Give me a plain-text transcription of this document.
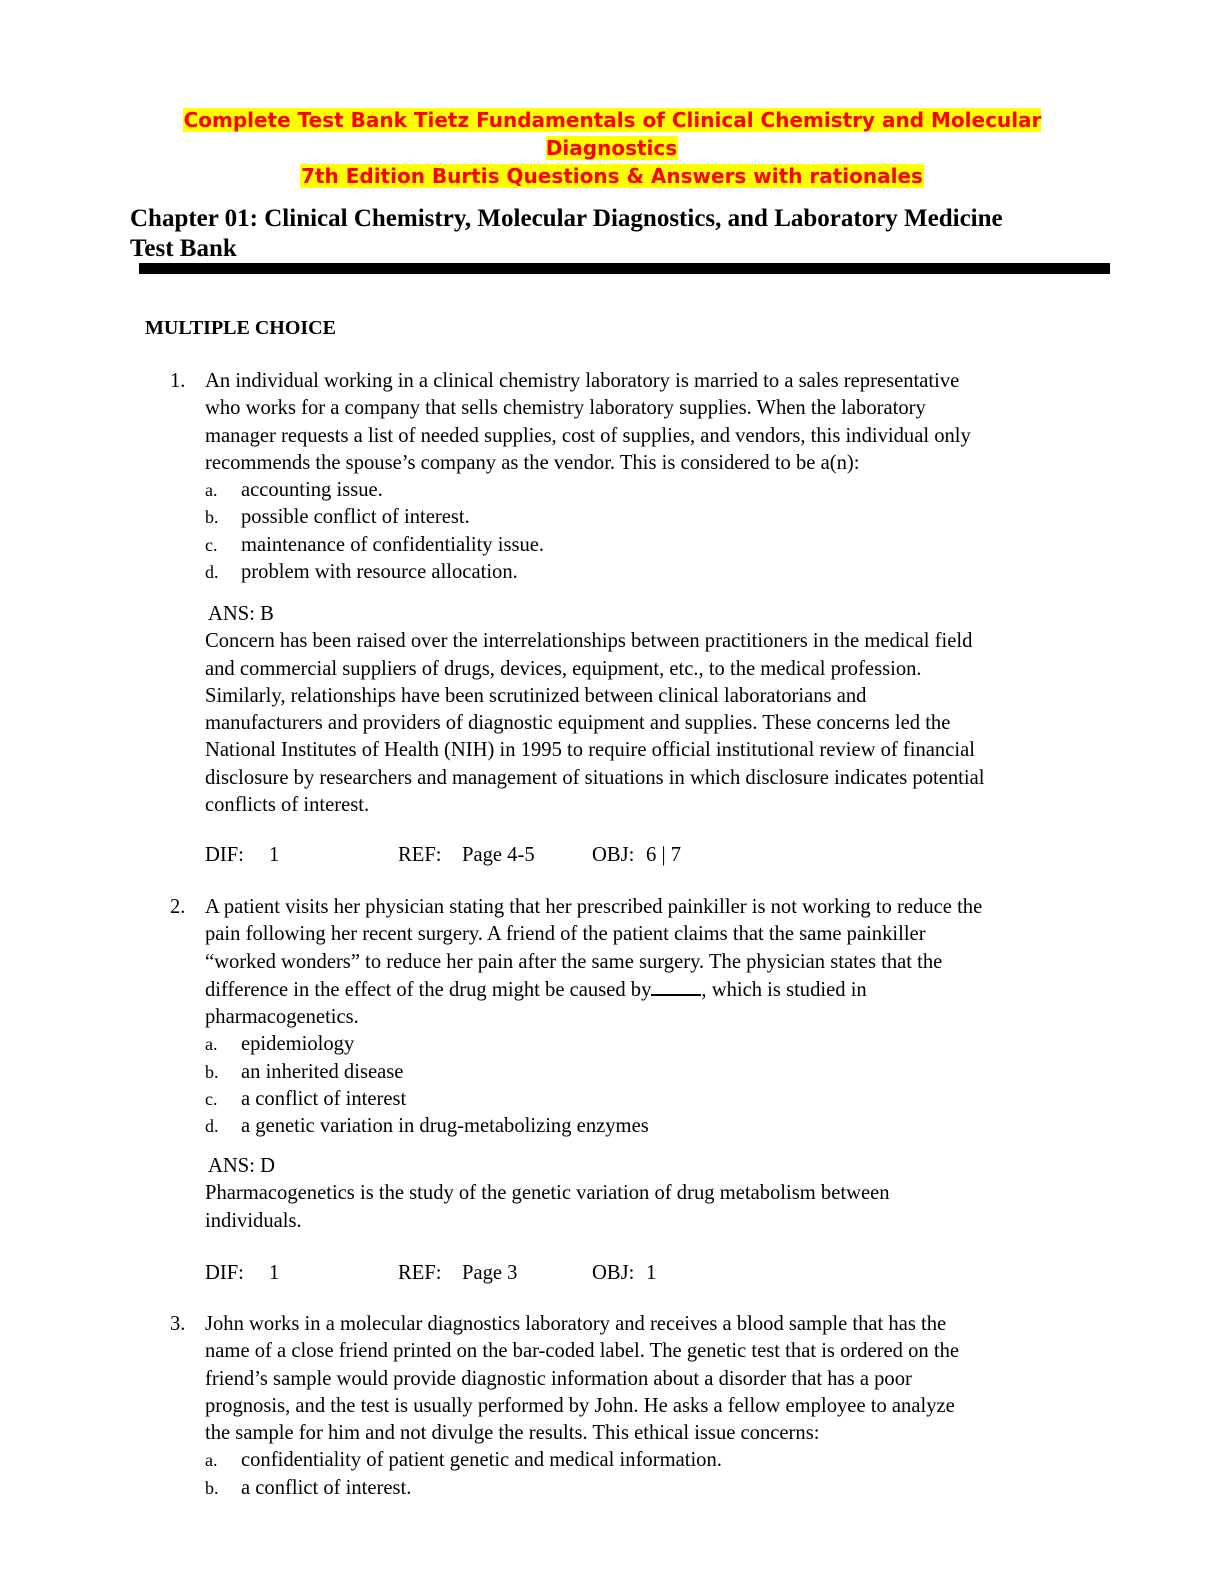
Complete Test Bank Tietz Fundamentals of Clinical Chemistry and Molecular Diagnostics
7th Edition Burtis Questions & Answers with rationales
Chapter 01: Clinical Chemistry, Molecular Diagnostics, and Laboratory Medicine
Test Bank
MULTIPLE CHOICE
1. An individual working in a clinical chemistry laboratory is married to a sales representative
who works for a company that sells chemistry laboratory supplies. When the laboratory
manager requests a list of needed supplies, cost of supplies, and vendors, this individual only
recommends the spouse’s company as the vendor. This is considered to be a(n):
a.	accounting issue.
b.	possible conflict of interest.
c.	maintenance of confidentiality issue.
d.	problem with resource allocation.
ANS: B
Concern has been raised over the interrelationships between practitioners in the medical field
and commercial suppliers of drugs, devices, equipment, etc., to the medical profession.
Similarly, relationships have been scrutinized between clinical laboratorians and
manufacturers and providers of diagnostic equipment and supplies. These concerns led the
National Institutes of Health (NIH) in 1995 to require official institutional review of financial
disclosure by researchers and management of situations in which disclosure indicates potential
conflicts of interest.
DIF: 1	REF: Page 4-5	OBJ: 6 | 7
2. A patient visits her physician stating that her prescribed painkiller is not working to reduce the
pain following her recent surgery. A friend of the patient claims that the same painkiller
“worked wonders” to reduce her pain after the same surgery. The physician states that the
difference in the effect of the drug might be caused by , which is studied in
pharmacogenetics.
a.	epidemiology
b.	an inherited disease
c.	a conflict of interest
d.	a genetic variation in drug-metabolizing enzymes
ANS: D
Pharmacogenetics is the study of the genetic variation of drug metabolism between
individuals.
DIF: 1	REF: Page 3	OBJ: 1
3. John works in a molecular diagnostics laboratory and receives a blood sample that has the
name of a close friend printed on the bar-coded label. The genetic test that is ordered on the
friend’s sample would provide diagnostic information about a disorder that has a poor
prognosis, and the test is usually performed by John. He asks a fellow employee to analyze
the sample for him and not divulge the results. This ethical issue concerns:
a.	confidentiality of patient genetic and medical information.
b.	a conflict of interest.
